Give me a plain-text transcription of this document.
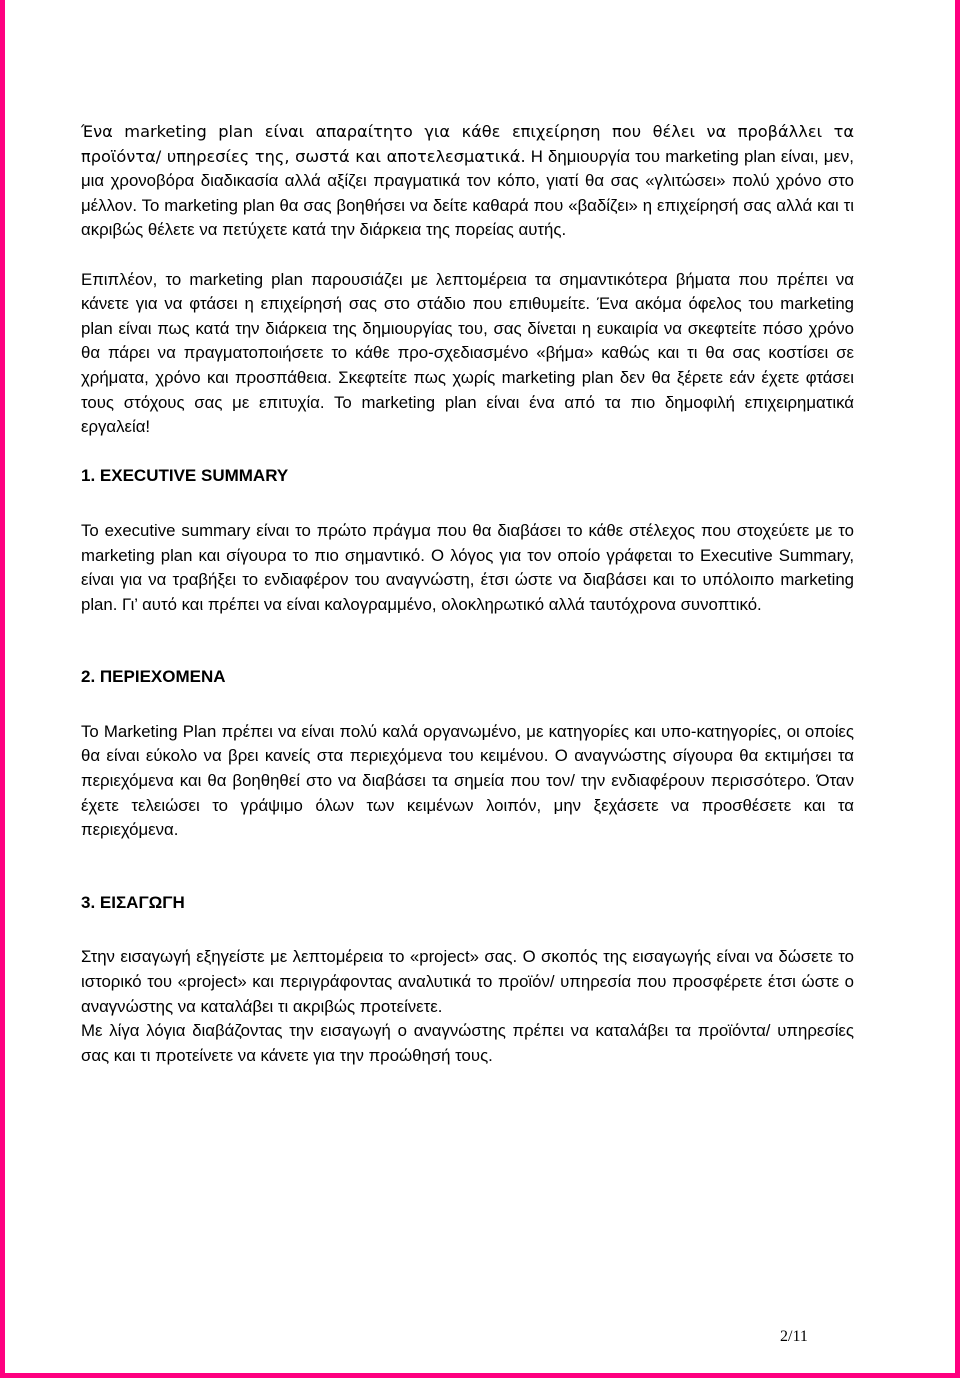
Ένα marketing plan είναι απαραίτητο για κάθε επιχείρηση που θέλει να προβάλλει τα προϊόντα/ υπηρεσίες της, σωστά και αποτελεσματικά. Η δημιουργία του marketing plan είναι, μεν, μια χρονοβόρα διαδικασία αλλά αξίζει πραγματικά τον κόπο, γιατί θα σας «γλιτώσει» πολύ χρόνο στο μέλλον. Το marketing plan θα σας βοηθήσει να δείτε καθαρά που «βαδίζει» η επιχείρησή σας αλλά και τι ακριβώς θέλετε να πετύχετε κατά την διάρκεια της πορείας αυτής.

Επιπλέον, το marketing plan παρουσιάζει με λεπτομέρεια τα σημαντικότερα βήματα που πρέπει να κάνετε για να φτάσει η επιχείρησή σας στο στάδιο που επιθυμείτε. Ένα ακόμα όφελος του marketing plan είναι πως κατά την διάρκεια της δημιουργίας του, σας δίνεται η ευκαιρία να σκεφτείτε πόσο χρόνο θα πάρει να πραγματοποιήσετε το κάθε προ-σχεδιασμένο «βήμα» καθώς και τι θα σας κοστίσει σε χρήματα, χρόνο και προσπάθεια. Σκεφτείτε πως χωρίς marketing plan δεν θα ξέρετε εάν έχετε φτάσει τους στόχους σας με επιτυχία. Το marketing plan είναι ένα από τα πιο δημοφιλή επιχειρηματικά εργαλεία!

1. EXECUTIVE SUMMARY

Το executive summary είναι το πρώτο πράγμα που θα διαβάσει το κάθε στέλεχος που στοχεύετε με το marketing plan και σίγουρα το πιο σημαντικό. Ο λόγος για τον οποίο γράφεται το Executive Summary, είναι για να τραβήξει το ενδιαφέρον του αναγνώστη, έτσι ώστε να διαβάσει και το υπόλοιπο marketing plan. Γι’ αυτό και πρέπει να είναι καλογραμμένο, ολοκληρωτικό αλλά ταυτόχρονα συνοπτικό.

2. ΠΕΡΙΕΧΟΜΕΝΑ

Το Marketing Plan πρέπει να είναι πολύ καλά οργανωμένο, με κατηγορίες και υπο-κατηγορίες, οι οποίες θα είναι εύκολο να βρει κανείς στα περιεχόμενα του κειμένου. Ο αναγνώστης σίγουρα θα εκτιμήσει τα περιεχόμενα και θα βοηθηθεί στο να διαβάσει τα σημεία που τον/ την ενδιαφέρουν περισσότερο. Όταν έχετε τελειώσει το γράψιμο όλων των κειμένων λοιπόν, μην ξεχάσετε να προσθέσετε και τα περιεχόμενα.

3. ΕΙΣΑΓΩΓΗ

Στην εισαγωγή εξηγείστε με λεπτομέρεια το «project» σας. Ο σκοπός της εισαγωγής είναι να δώσετε το ιστορικό του «project» και περιγράφοντας αναλυτικά το προϊόν/ υπηρεσία που προσφέρετε έτσι ώστε ο αναγνώστης να καταλάβει τι ακριβώς προτείνετε.

Με λίγα λόγια διαβάζοντας την εισαγωγή ο αναγνώστης πρέπει να καταλάβει τα προϊόντα/ υπηρεσίες σας και τι προτείνετε να κάνετε για την προώθησή τους.

2/11
